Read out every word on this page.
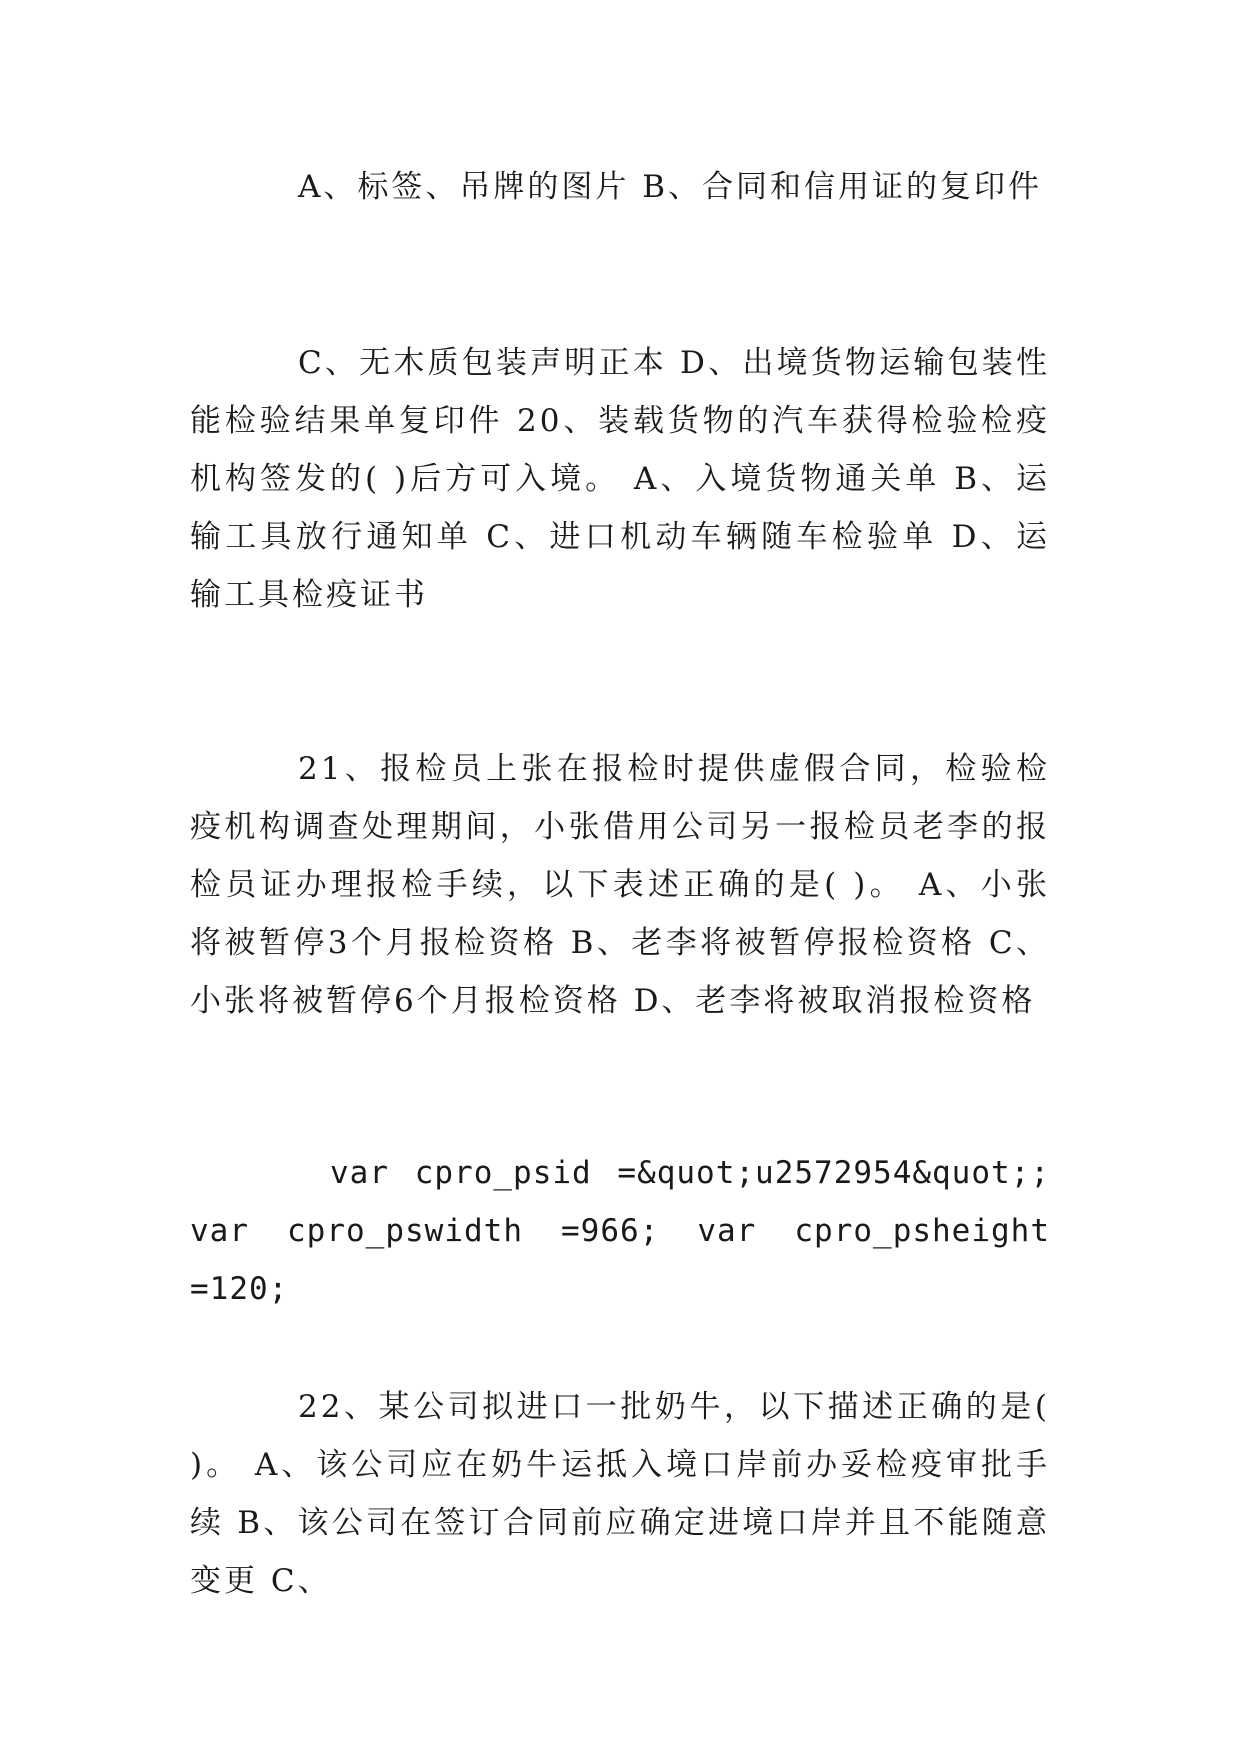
A、标签、吊牌的图片 B、合同和信用证的复印件

C、无木质包装声明正本 D、出境货物运输包装性能检验结果单复印件 20、装载货物的汽车获得检验检疫机构签发的( )后方可入境。 A、入境货物通关单 B、运输工具放行通知单 C、进口机动车辆随车检验单 D、运输工具检疫证书

21、报检员上张在报检时提供虚假合同，检验检疫机构调查处理期间，小张借用公司另一报检员老李的报检员证办理报检手续，以下表述正确的是( )。 A、小张将被暂停3个月报检资格 B、老李将被暂停报检资格 C、小张将被暂停6个月报检资格 D、老李将被取消报检资格

var cpro_psid =&quot;u2572954&quot;; var cpro_pswidth =966; var cpro_psheight =120;

22、某公司拟进口一批奶牛，以下描述正确的是( )。 A、该公司应在奶牛运抵入境口岸前办妥检疫审批手续 B、该公司在签订合同前应确定进境口岸并且不能随意变更 C、
